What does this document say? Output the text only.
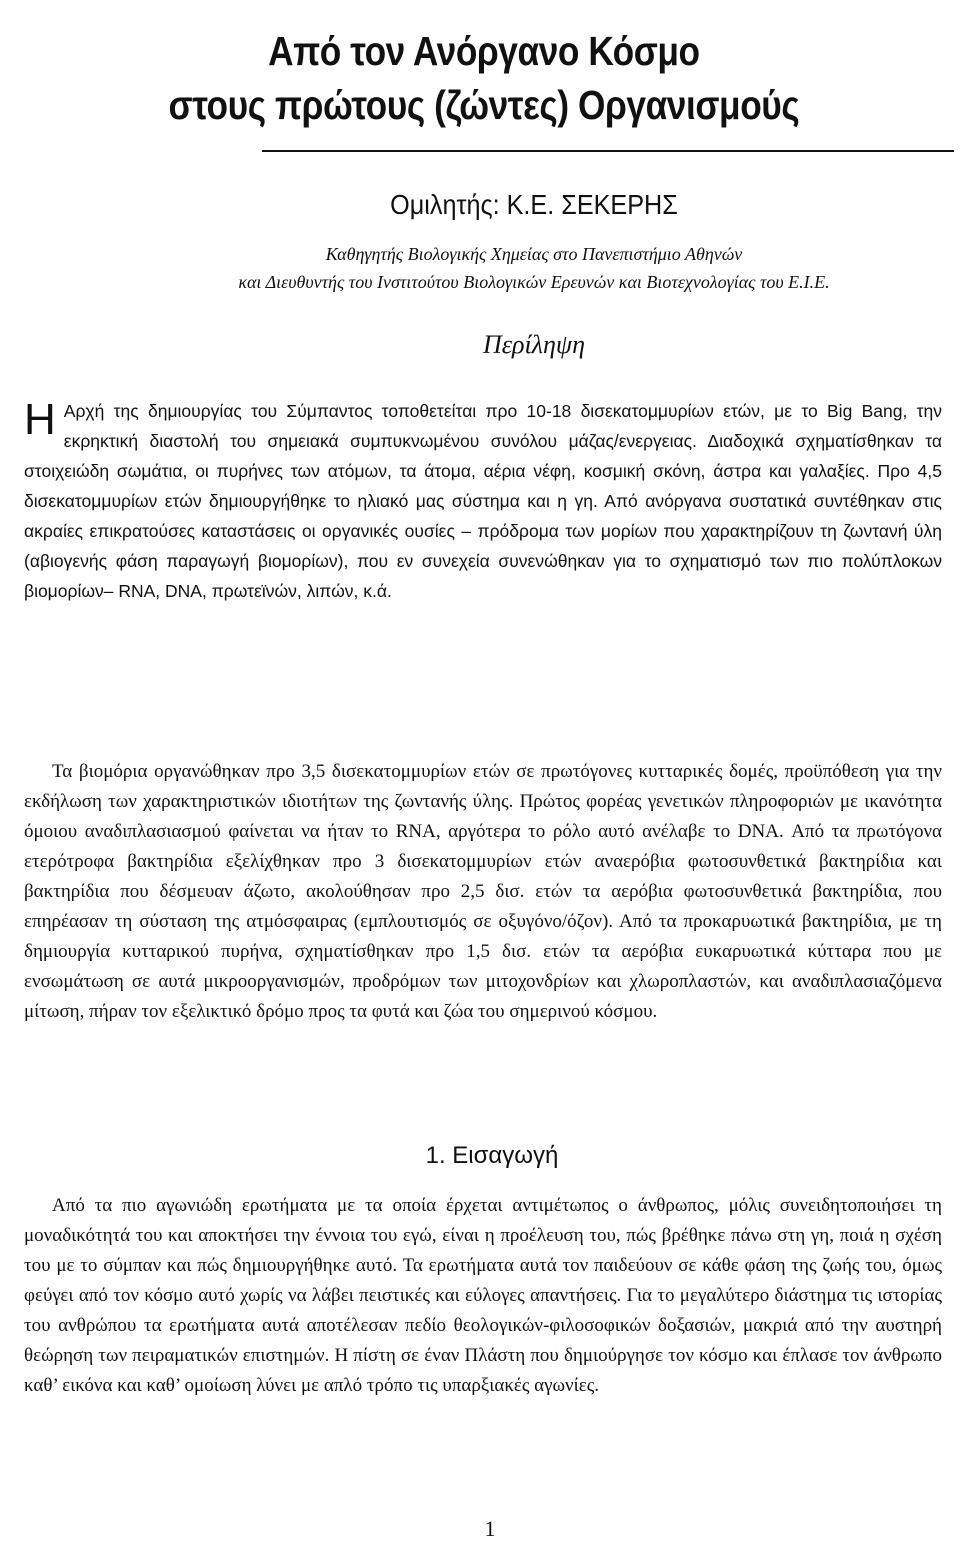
Από τον Ανόργανο Κόσμο
στους πρώτους (ζώντες) Οργανισμούς
Ομιλητής: Κ.Ε. ΣΕΚΕΡΗΣ
Καθηγητής Βιολογικής Χημείας στο Πανεπιστήμιο Αθηνών
και Διευθυντής του Ινστιτούτου Βιολογικών Ερευνών και Βιοτεχνολογίας του Ε.Ι.Ε.
Περίληψη
Η Αρχή της δημιουργίας του Σύμπαντος τοποθετείται προ 10-18 δισεκατομμυρίων ετών, με το Big Bang, την εκρηκτική διαστολή του σημειακά συμπυκνωμένου συνόλου μάζας/ενεργειας. Διαδοχικά σχηματίσθηκαν τα στοιχειώδη σωμάτια, οι πυρήνες των ατόμων, τα άτομα, αέρια νέφη, κοσμική σκόνη, άστρα και γαλαξίες. Προ 4,5 δισεκατομμυρίων ετών δημιουργήθηκε το ηλιακό μας σύστημα και η γη. Από ανόργανα συστατικά συντέθηκαν στις ακραίες επικρατούσες καταστάσεις οι οργανικές ουσίες – πρόδρομα των μορίων που χαρακτηρίζουν τη ζωντανή ύλη (αβιογενής φάση παραγωγή βιομορίων), που εν συνεχεία συνενώθηκαν για το σχηματισμό των πιο πολύπλοκων βιομορίων– RNA, DNA, πρωτεϊνών, λιπών, κ.ά.
Τα βιομόρια οργανώθηκαν προ 3,5 δισεκατομμυρίων ετών σε πρωτόγονες κυτταρικές δομές, προϋπόθεση για την εκδήλωση των χαρακτηριστικών ιδιοτήτων της ζωντανής ύλης. Πρώτος φορέας γενετικών πληροφοριών με ικανότητα όμοιου αναδιπλασιασμού φαίνεται να ήταν το RNA, αργότερα το ρόλο αυτό ανέλαβε το DNA. Από τα πρωτόγονα ετερότροφα βακτηρίδια εξελίχθηκαν προ 3 δισεκατομμυρίων ετών αναερόβια φωτοσυνθετικά βακτηρίδια και βακτηρίδια που δέσμευαν άζωτο, ακολούθησαν προ 2,5 δισ. ετών τα αερόβια φωτοσυνθετικά βακτηρίδια, που επηρέασαν τη σύσταση της ατμόσφαιρας (εμπλουτισμός σε οξυγόνο/όζον). Από τα προκαρυωτικά βακτηρίδια, με τη δημιουργία κυτταρικού πυρήνα, σχηματίσθηκαν προ 1,5 δισ. ετών τα αερόβια ευκαρυωτικά κύτταρα που με ενσωμάτωση σε αυτά μικροοργανισμών, προδρόμων των μιτοχονδρίων και χλωροπλαστών, και αναδιπλασιαζόμενα μίτωση, πήραν τον εξελικτικό δρόμο προς τα φυτά και ζώα του σημερινού κόσμου.
1. Εισαγωγή
Από τα πιο αγωνιώδη ερωτήματα με τα οποία έρχεται αντιμέτωπος ο άνθρωπος, μόλις συνειδητοποιήσει τη μοναδικότητά του και αποκτήσει την έννοια του εγώ, είναι η προέλευση του, πώς βρέθηκε πάνω στη γη, ποιά η σχέση του με το σύμπαν και πώς δημιουργήθηκε αυτό. Τα ερωτήματα αυτά τον παιδεύουν σε κάθε φάση της ζωής του, όμως φεύγει από τον κόσμο αυτό χωρίς να λάβει πειστικές και εύλογες απαντήσεις. Για το μεγαλύτερο διάστημα τις ιστορίας του ανθρώπου τα ερωτήματα αυτά αποτέλεσαν πεδίο θεολογικών-φιλοσοφικών δοξασιών, μακριά από την αυστηρή θεώρηση των πειραματικών επιστημών. Η πίστη σε έναν Πλάστη που δημιούργησε τον κόσμο και έπλασε τον άνθρωπο καθ’ εικόνα και καθ’ ομοίωση λύνει με απλό τρόπο τις υπαρξιακές αγωνίες.
1
